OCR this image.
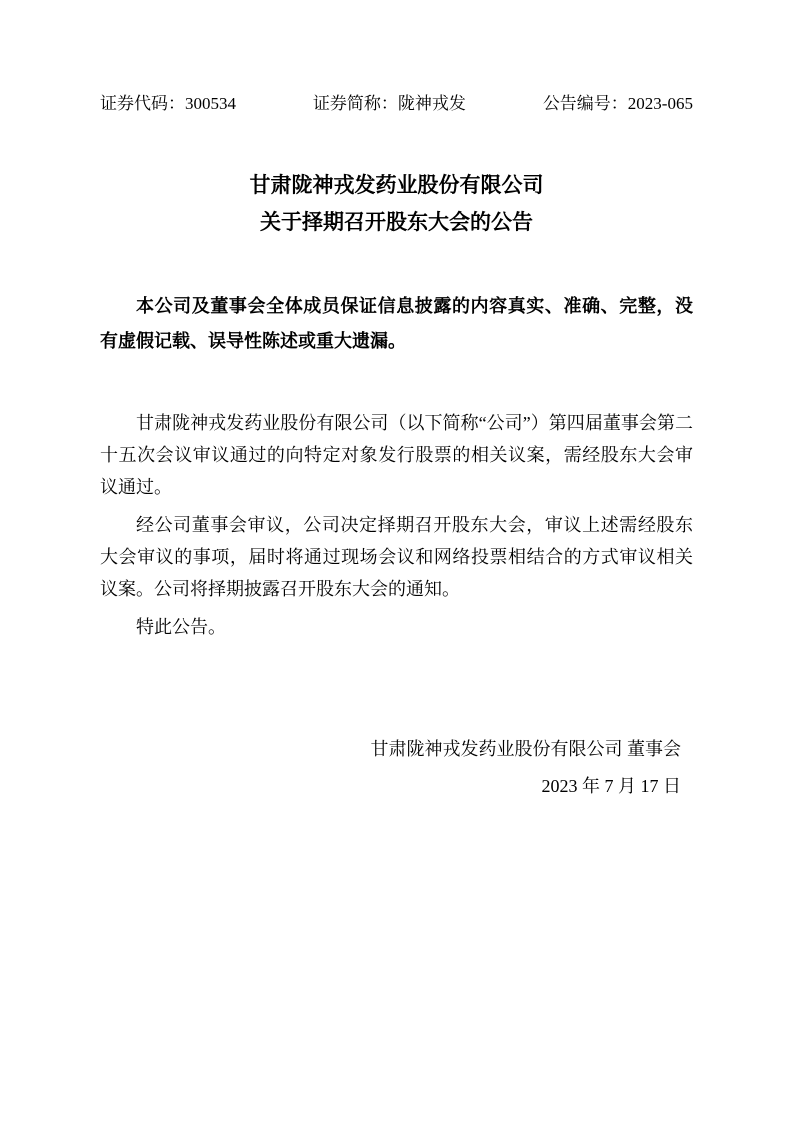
证券代码：300534	证券简称：陇神戎发	公告编号：2023-065
甘肃陇神戎发药业股份有限公司
关于择期召开股东大会的公告

本公司及董事会全体成员保证信息披露的内容真实、准确、完整，没有虚假记载、误导性陈述或重大遗漏。

甘肃陇神戎发药业股份有限公司（以下简称“公司”）第四届董事会第二十五次会议审议通过的向特定对象发行股票的相关议案，需经股东大会审议通过。

经公司董事会审议，公司决定择期召开股东大会，审议上述需经股东大会审议的事项，届时将通过现场会议和网络投票相结合的方式审议相关议案。公司将择期披露召开股东大会的通知。

特此公告。

甘肃陇神戎发药业股份有限公司 董事会
2023 年 7 月 17 日
